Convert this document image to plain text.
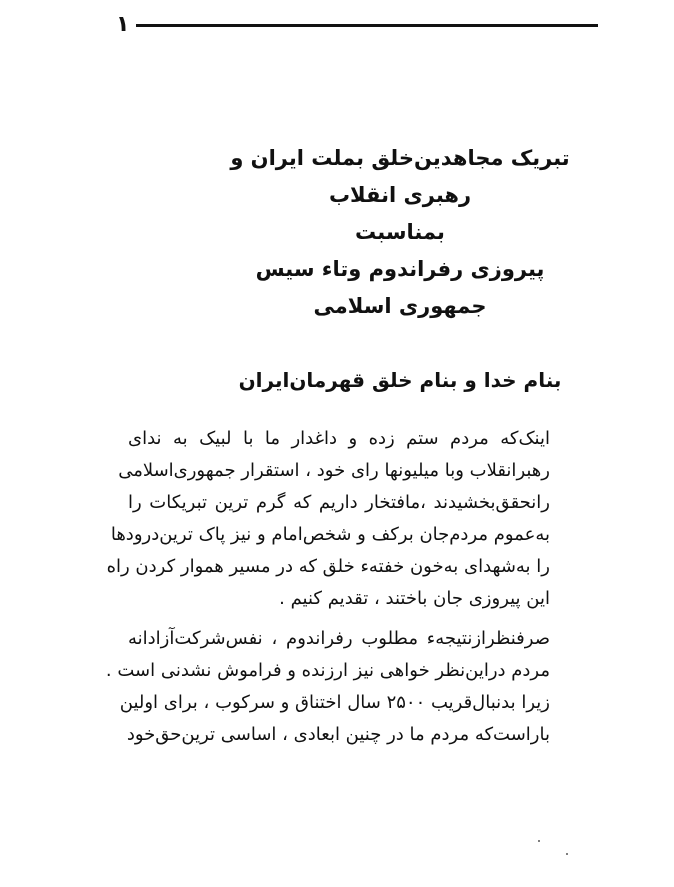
۱
تبریک مجاهدین‌خلق بملت ایران و
رهبری انقلاب
بمناسبت
پیروزی رفراندوم وتاء سیس
جمهوری اسلامی
بنام خدا و بنام خلق قهرمان‌ایران
اینک‌که مردم ستم زده و داغدار ما با لبیک به ندای
رهبرانقلاب وبا میلیونها رای خود ، استقرار جمهوری‌اسلامی
رانحقق‌بخشیدند ،‌مافتخار داریم که گرم ترین تبریکات را
به‌عموم مردم‌جان برکف و شخص‌امام و نیز پاک ترین‌درودها
را به‌شهدای به‌خون خفته‌ء خلق که در مسیر هموار کردن راه
این پیروزی جان باختند ، تقدیم کنیم .
صرفنظراز‌نتیجه‌ء مطلوب رفراندوم ، نفس‌شرکت‌آزادانه
مردم دراین‌نظر خواهی نیز ارزنده و فراموش نشدنی است .
زیرا بدنبال‌قریب ۲۵۰۰ سال اختناق و سرکوب ، برای اولین
بار‌است‌که مردم ما در چنین ابعادی ، اساسی ترین‌حق‌خود
